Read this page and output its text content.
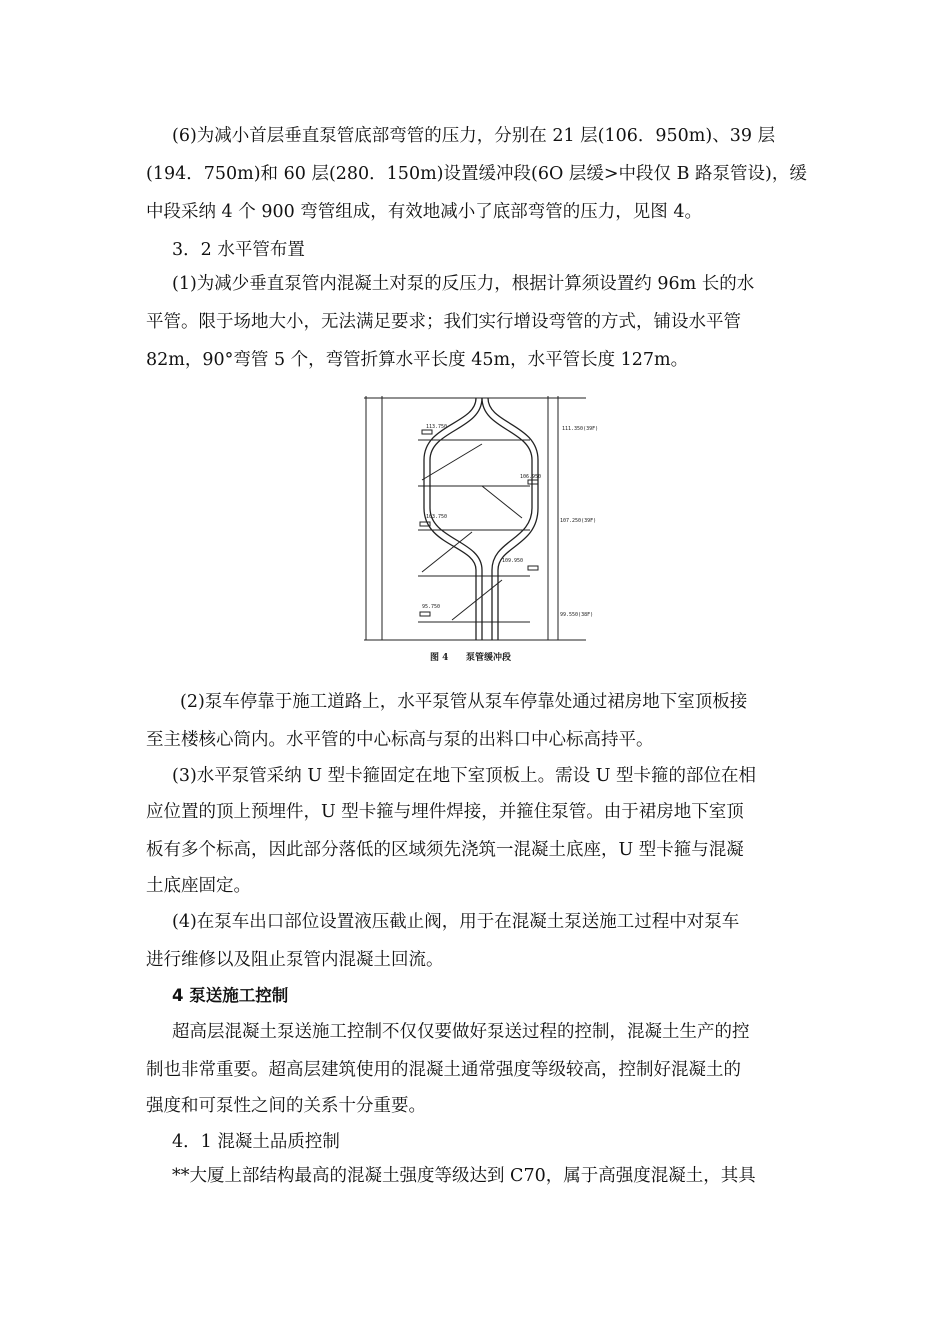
(6)为减小首层垂直泵管底部弯管的压力，分别在 21 层(106．950m)、39 层
(194．750m)和 60 层(280．150m)设置缓冲段(6O 层缓>中段仅 B 路泵管设)，缓
中段采纳 4 个 900 弯管组成，有效地减小了底部弯管的压力，见图 4。
3．2 水平管布置
(1)为减少垂直泵管内混凝土对泵的反压力，根据计算须设置约 96m 长的水
平管。限于场地大小，无法满足要求；我们实行增设弯管的方式，铺设水平管
82m，90°弯管 5 个，弯管折算水平长度 45m，水平管长度 127m。
113.750
103.750
95.750
111.350(39F)
106.950
107.250(39F)
109.950
99.550(38F)
图 4 泵管缓冲段
(2)泵车停靠于施工道路上，水平泵管从泵车停靠处通过裙房地下室顶板接
至主楼核心筒内。水平管的中心标高与泵的出料口中心标高持平。
(3)水平泵管采纳 U 型卡箍固定在地下室顶板上。需设 U 型卡箍的部位在相
应位置的顶上预埋件，U 型卡箍与埋件焊接，并箍住泵管。由于裙房地下室顶
板有多个标高，因此部分落低的区域须先浇筑一混凝土底座，U 型卡箍与混凝
土底座固定。
(4)在泵车出口部位设置液压截止阀，用于在混凝土泵送施工过程中对泵车
进行维修以及阻止泵管内混凝土回流。
4 泵送施工控制
超高层混凝土泵送施工控制不仅仅要做好泵送过程的控制，混凝土生产的控
制也非常重要。超高层建筑使用的混凝土通常强度等级较高，控制好混凝土的
强度和可泵性之间的关系十分重要。
4．1 混凝土品质控制
**大厦上部结构最高的混凝土强度等级达到 C70，属于高强度混凝土，其具
